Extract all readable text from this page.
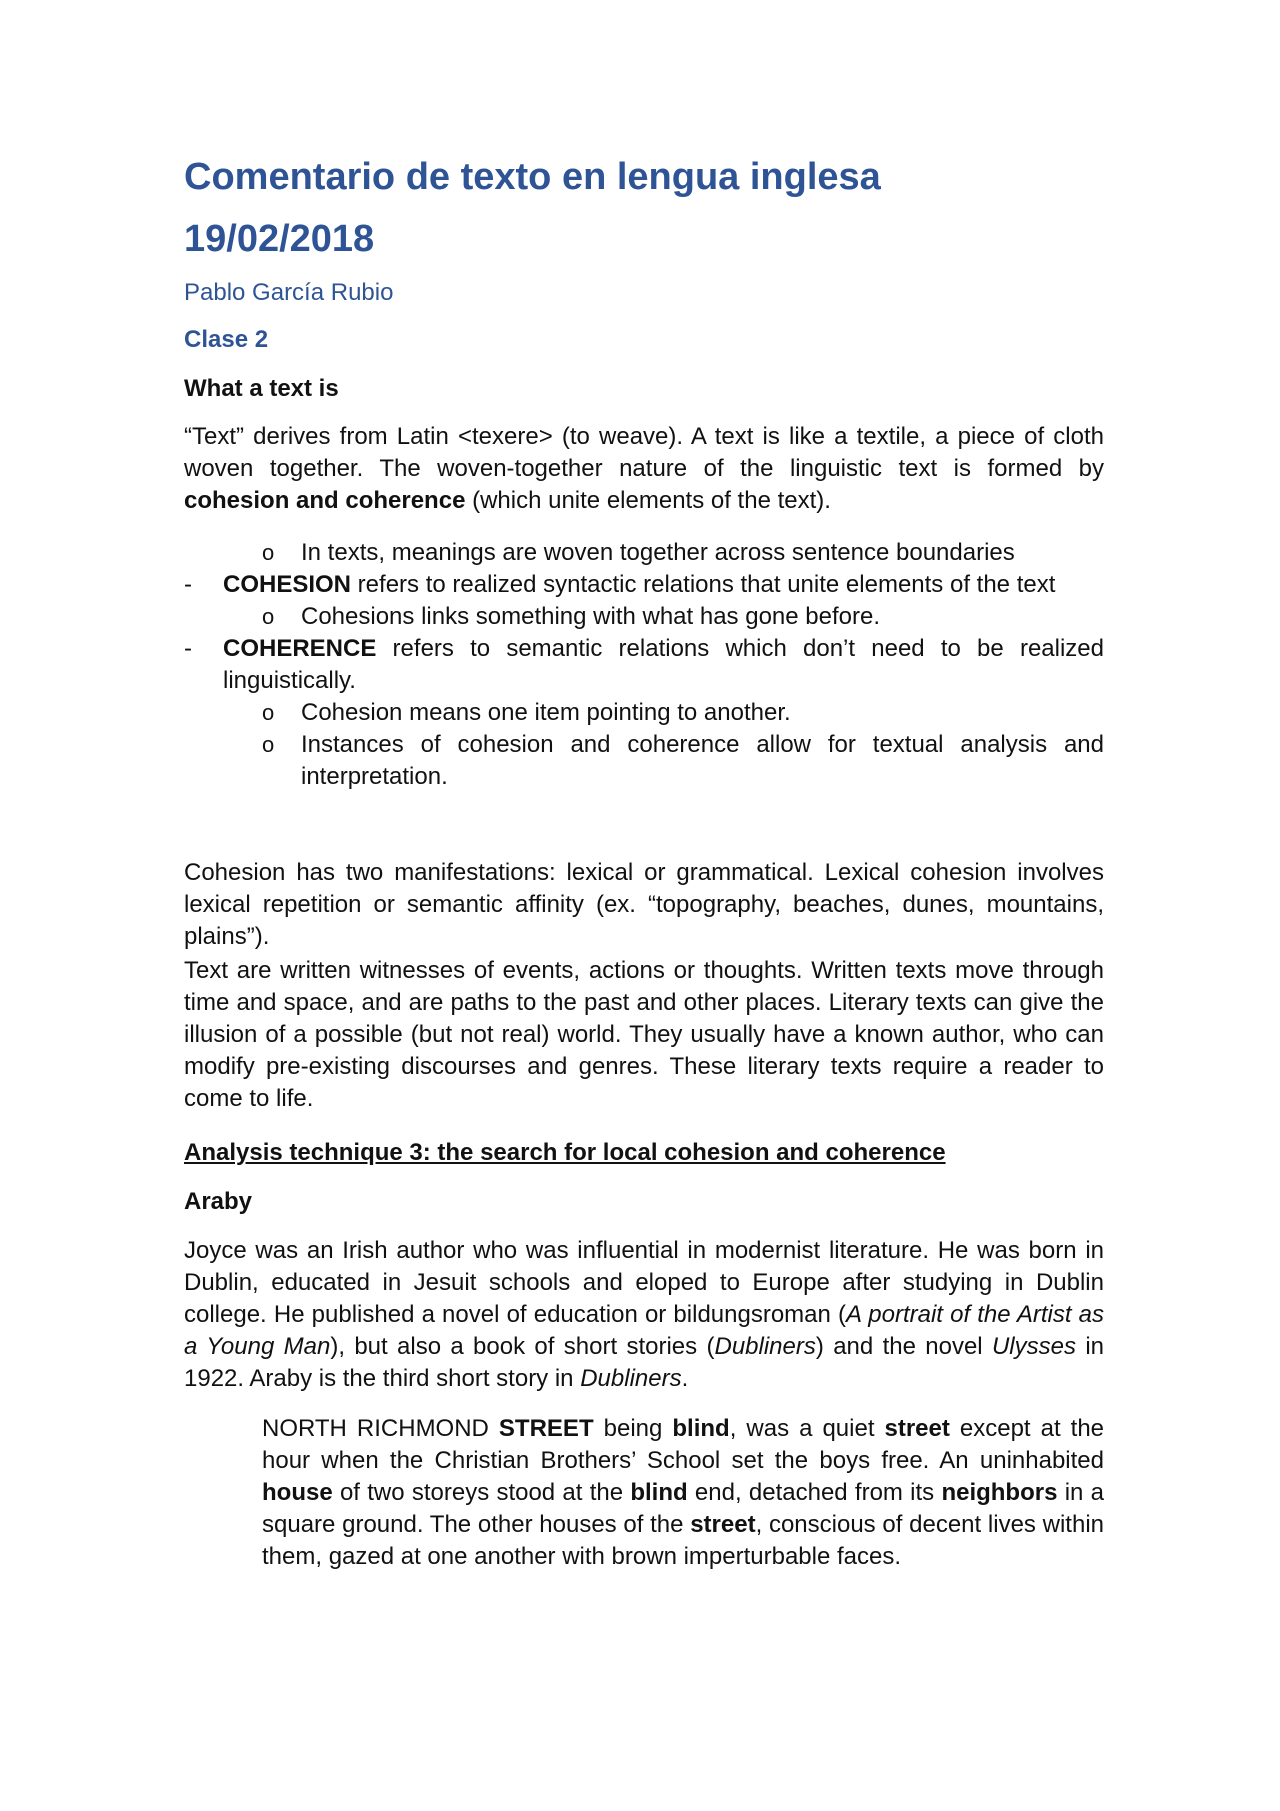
Comentario de texto en lengua inglesa
19/02/2018
Pablo García Rubio
Clase 2
What a text is

“Text” derives from Latin <texere> (to weave). A text is like a textile, a piece of cloth woven together. The woven-together nature of the linguistic text is formed by cohesion and coherence (which unite elements of the text).

o In texts, meanings are woven together across sentence boundaries
- COHESION refers to realized syntactic relations that unite elements of the text
o Cohesions links something with what has gone before.
- COHERENCE refers to semantic relations which don’t need to be realized linguistically.
o Cohesion means one item pointing to another.
o Instances of cohesion and coherence allow for textual analysis and interpretation.

Cohesion has two manifestations: lexical or grammatical. Lexical cohesion involves lexical repetition or semantic affinity (ex. “topography, beaches, dunes, mountains, plains”).

Text are written witnesses of events, actions or thoughts. Written texts move through time and space, and are paths to the past and other places. Literary texts can give the illusion of a possible (but not real) world. They usually have a known author, who can modify pre-existing discourses and genres. These literary texts require a reader to come to life.

Analysis technique 3: the search for local cohesion and coherence
Araby

Joyce was an Irish author who was influential in modernist literature. He was born in Dublin, educated in Jesuit schools and eloped to Europe after studying in Dublin college. He published a novel of education or bildungsroman (A portrait of the Artist as a Young Man), but also a book of short stories (Dubliners) and the novel Ulysses in 1922. Araby is the third short story in Dubliners.

NORTH RICHMOND STREET being blind, was a quiet street except at the hour when the Christian Brothers’ School set the boys free. An uninhabited house of two storeys stood at the blind end, detached from its neighbors in a square ground. The other houses of the street, conscious of decent lives within them, gazed at one another with brown imperturbable faces.
